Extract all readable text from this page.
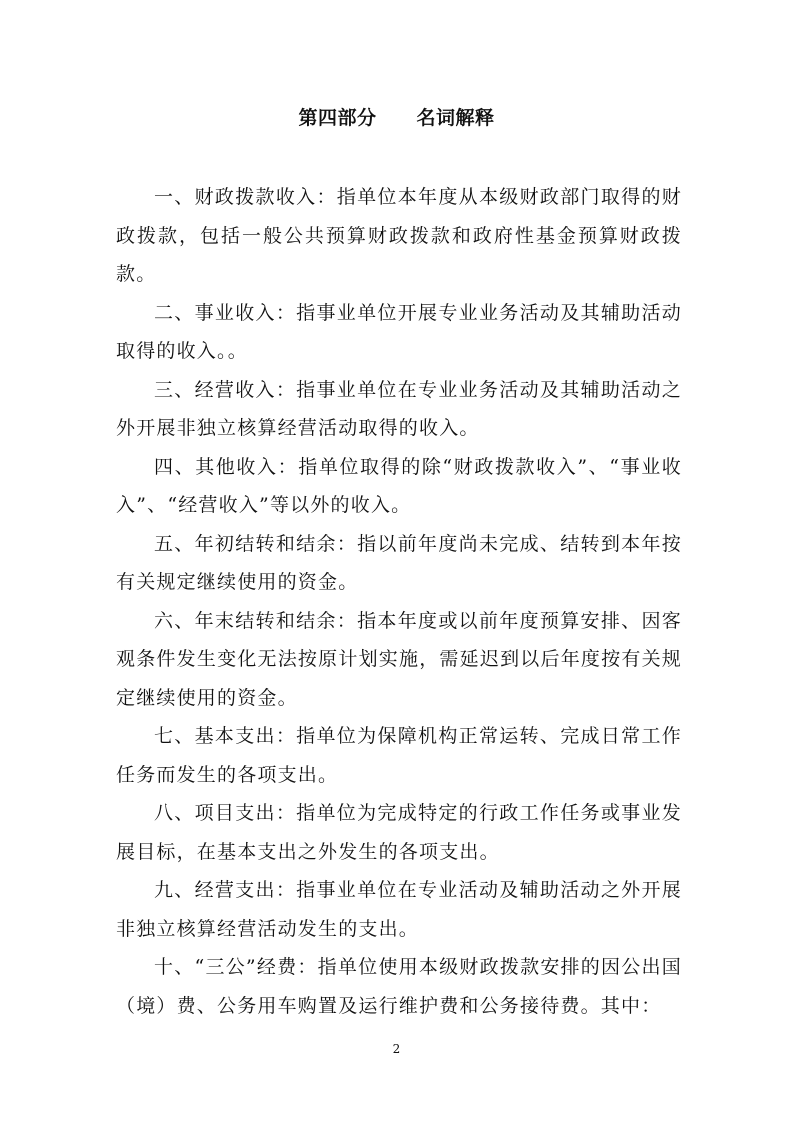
第四部分 名词解释

一、财政拨款收入：指单位本年度从本级财政部门取得的财政拨款，包括一般公共预算财政拨款和政府性基金预算财政拨款。

二、事业收入：指事业单位开展专业业务活动及其辅助活动取得的收入。。

三、经营收入：指事业单位在专业业务活动及其辅助活动之外开展非独立核算经营活动取得的收入。

四、其他收入：指单位取得的除“财政拨款收入”、“事业收入”、“经营收入”等以外的收入。

五、年初结转和结余：指以前年度尚未完成、结转到本年按有关规定继续使用的资金。

六、年末结转和结余：指本年度或以前年度预算安排、因客观条件发生变化无法按原计划实施，需延迟到以后年度按有关规定继续使用的资金。

七、基本支出：指单位为保障机构正常运转、完成日常工作任务而发生的各项支出。

八、项目支出：指单位为完成特定的行政工作任务或事业发展目标，在基本支出之外发生的各项支出。

九、经营支出：指事业单位在专业活动及辅助活动之外开展非独立核算经营活动发生的支出。

十、“三公”经费：指单位使用本级财政拨款安排的因公出国（境）费、公务用车购置及运行维护费和公务接待费。其中：

2
